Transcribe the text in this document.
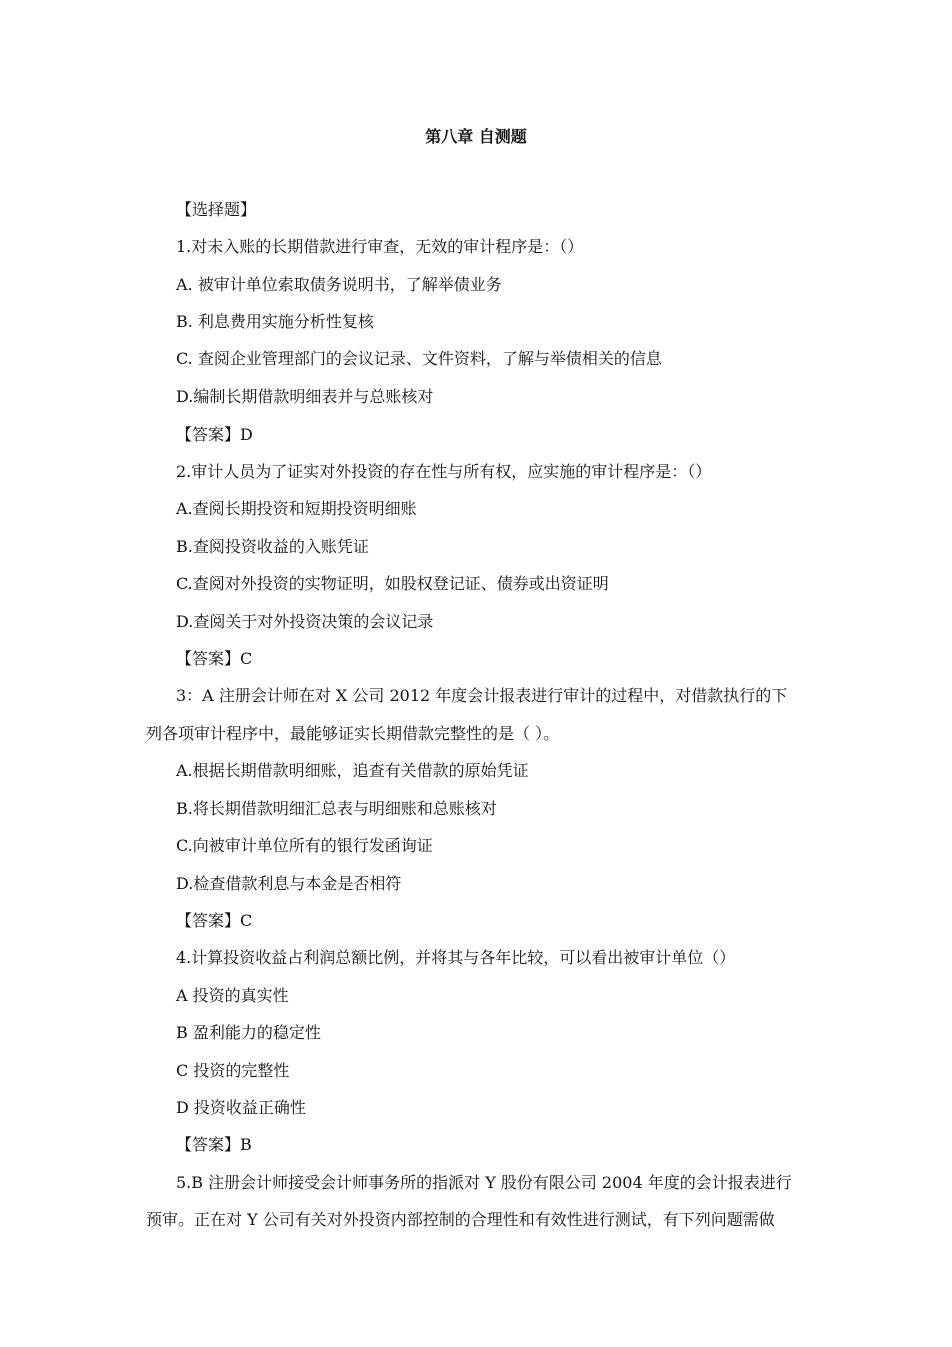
第八章 自测题
【选择题】
1.对未入账的长期借款进行审查，无效的审计程序是：（）
A. 被审计单位索取债务说明书，了解举债业务
B. 利息费用实施分析性复核
C. 查阅企业管理部门的会议记录、文件资料，了解与举债相关的信息
D.编制长期借款明细表并与总账核对
【答案】D
2.审计人员为了证实对外投资的存在性与所有权，应实施的审计程序是：（）
A.查阅长期投资和短期投资明细账
B.查阅投资收益的入账凭证
C.查阅对外投资的实物证明，如股权登记证、债券或出资证明
D.查阅关于对外投资决策的会议记录
【答案】C
3：A 注册会计师在对 X 公司 2012 年度会计报表进行审计的过程中，对借款执行的下
列各项审计程序中，最能够证实长期借款完整性的是（ ）。
A.根据长期借款明细账，追查有关借款的原始凭证
B.将长期借款明细汇总表与明细账和总账核对
C.向被审计单位所有的银行发函询证
D.检查借款利息与本金是否相符
【答案】C
4.计算投资收益占利润总额比例，并将其与各年比较，可以看出被审计单位（）
A 投资的真实性
B 盈利能力的稳定性
C 投资的完整性
D 投资收益正确性
【答案】B
5.B 注册会计师接受会计师事务所的指派对 Y 股份有限公司 2004 年度的会计报表进行
预审。正在对 Y 公司有关对外投资内部控制的合理性和有效性进行测试，有下列问题需做
